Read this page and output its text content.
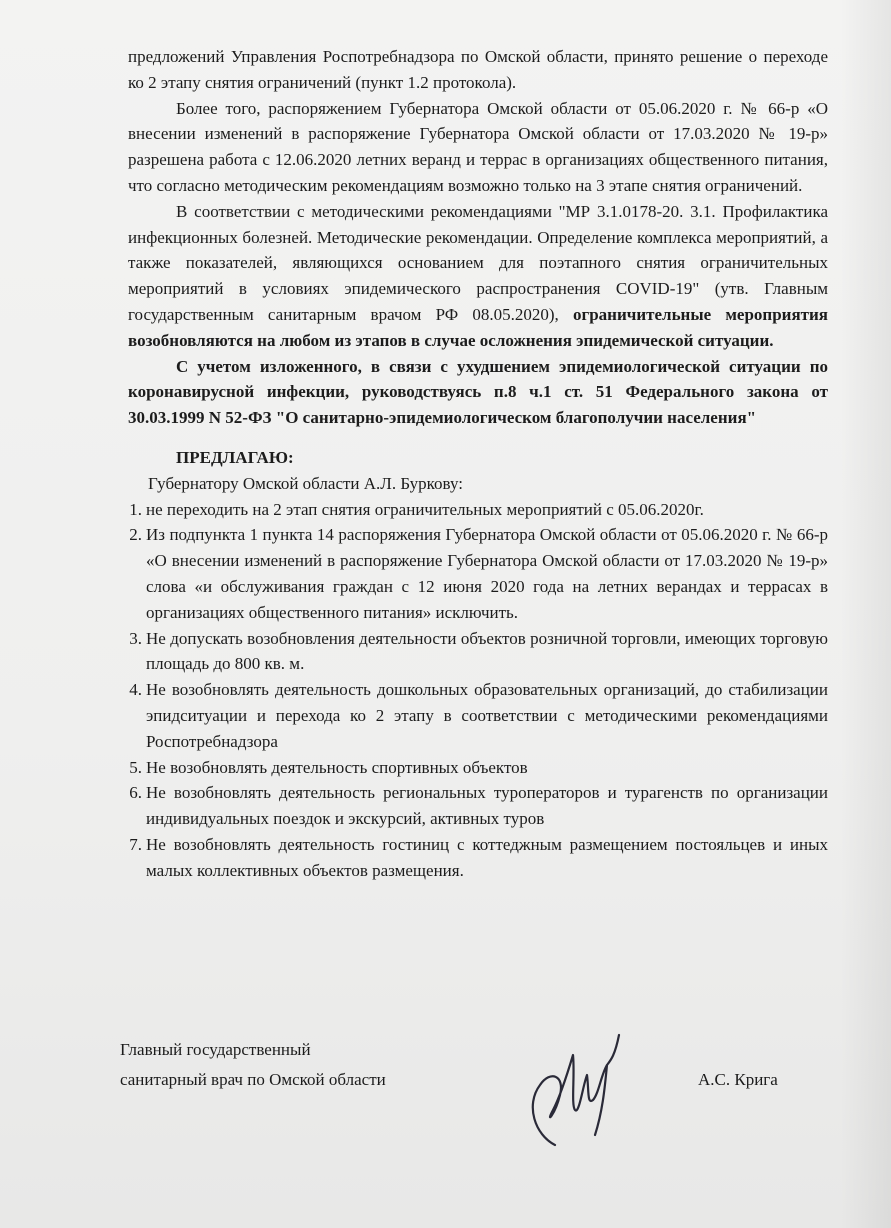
предложений Управления Роспотребнадзора по Омской области, принято решение о переходе ко 2 этапу снятия ограничений (пункт 1.2 протокола).

Более того, распоряжением Губернатора Омской области от 05.06.2020 г. № 66-р «О внесении изменений в распоряжение Губернатора Омской области от 17.03.2020 № 19-р» разрешена работа с 12.06.2020 летних веранд и террас в организациях общественного питания, что согласно методическим рекомендациям возможно только на 3 этапе снятия ограничений.

В соответствии с методическими рекомендациями "МР 3.1.0178-20. 3.1. Профилактика инфекционных болезней. Методические рекомендации. Определение комплекса мероприятий, а также показателей, являющихся основанием для поэтапного снятия ограничительных мероприятий в условиях эпидемического распространения COVID-19" (утв. Главным государственным санитарным врачом РФ 08.05.2020), ограничительные мероприятия возобновляются на любом из этапов в случае осложнения эпидемической ситуации.

С учетом изложенного, в связи с ухудшением эпидемиологической ситуации по коронавирусной инфекции, руководствуясь п.8 ч.1 ст. 51 Федерального закона от 30.03.1999 N 52-ФЗ "О санитарно-эпидемиологическом благополучии населения"

ПРЕДЛАГАЮ:

Губернатору Омской области А.Л. Буркову:

1. не переходить на 2 этап снятия ограничительных мероприятий с 05.06.2020г.
2. Из подпункта 1 пункта 14 распоряжения Губернатора Омской области от 05.06.2020 г. № 66-р «О внесении изменений в распоряжение Губернатора Омской области от 17.03.2020 № 19-р» слова «и обслуживания граждан с 12 июня 2020 года на летних верандах и террасах в организациях общественного питания» исключить.
3. Не допускать возобновления деятельности объектов розничной торговли, имеющих торговую площадь до 800 кв. м.
4. Не возобновлять деятельность дошкольных образовательных организаций, до стабилизации эпидситуации и перехода ко 2 этапу в соответствии с методическими рекомендациями Роспотребнадзора
5. Не возобновлять деятельность спортивных объектов
6. Не возобновлять деятельность региональных туроператоров и турагенств по организации индивидуальных поездок и экскурсий, активных туров
7. Не возобновлять деятельность гостиниц с коттеджным размещением постояльцев и иных малых коллективных объектов размещения.
Главный государственный
санитарный врач по Омской области	А.С. Крига
